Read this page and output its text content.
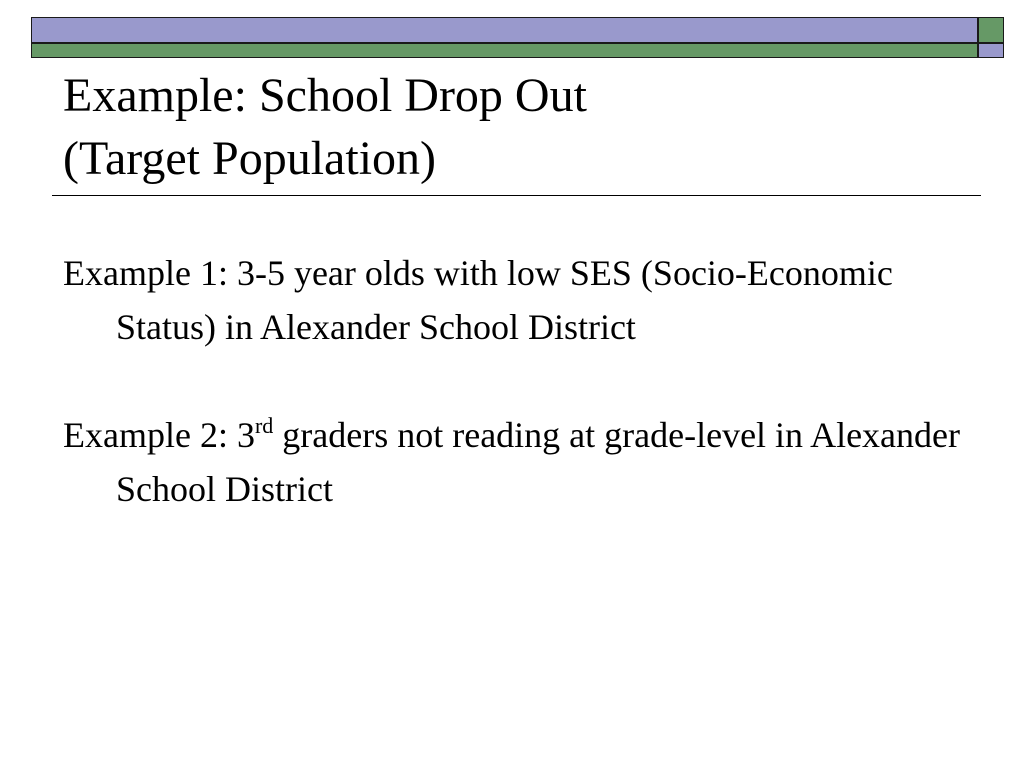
Example: School Drop Out
(Target Population)

Example 1: 3-5 year olds with low SES (Socio-Economic Status) in Alexander School District

Example 2: 3rd graders not reading at grade-level in Alexander School District
